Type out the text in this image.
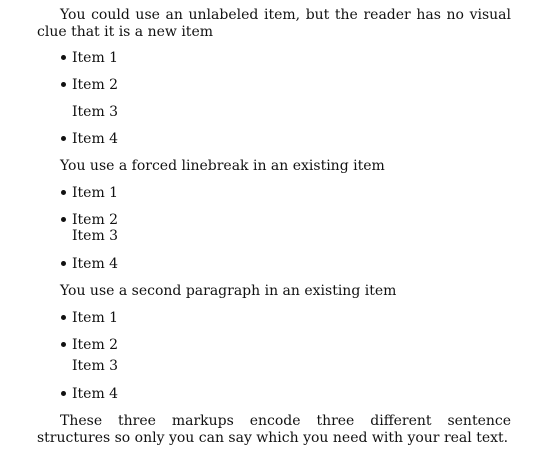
You could use an unlabeled item, but the reader has no visual clue that it is a new item

Item 1
Item 2
Item 3
Item 4
You use a forced linebreak in an existing item
Item 1
Item 2
Item 3
Item 4
You use a second paragraph in an existing item
Item 1
Item 2
Item 3
Item 4

These three markups encode three different sentence structures so only you can say which you need with your real text.
